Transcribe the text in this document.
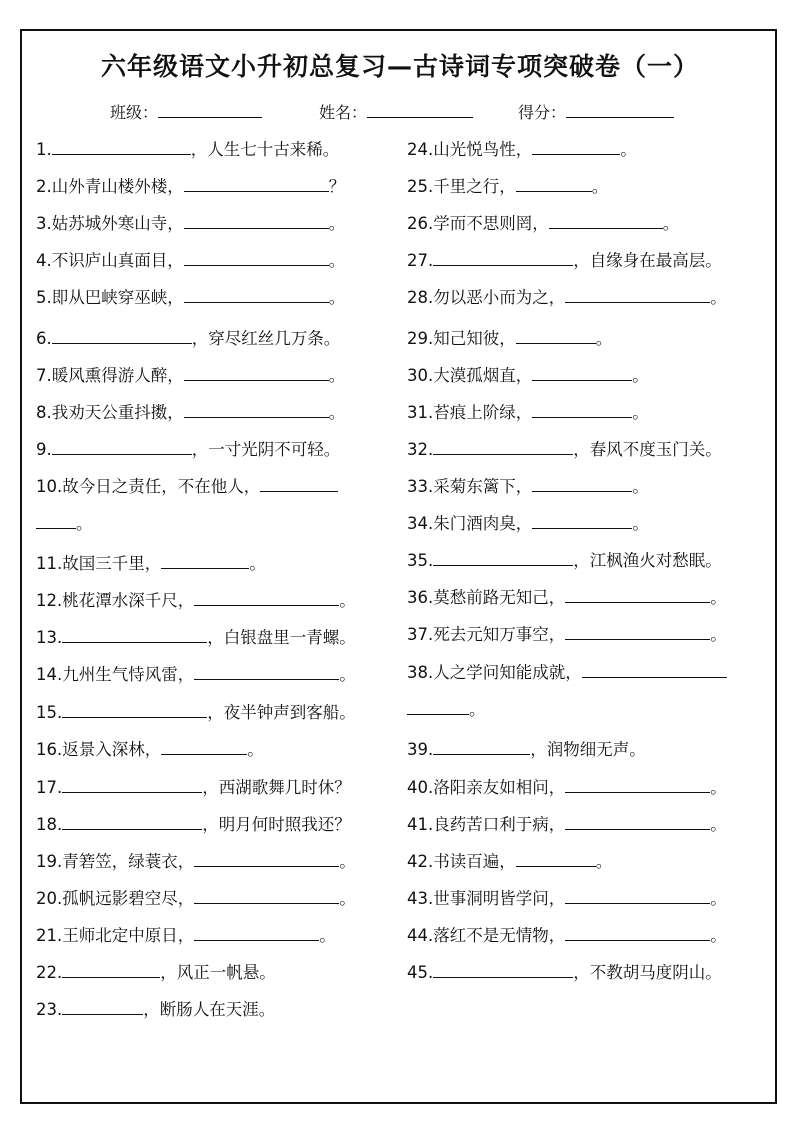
六年级语文小升初总复习—古诗词专项突破卷（一）
班级：	姓名：	得分：
1.	，人生七十古来稀。
2.山外青山楼外楼，	？
3.姑苏城外寒山寺，	。
4.不识庐山真面目，	。
5.即从巴峡穿巫峡，	。
6.	，穿尽红丝几万条。
7.暖风熏得游人醉，	。
8.我劝天公重抖擞，	。
9.	，一寸光阴不可轻。
10.故今日之责任，不在他人，
。
11.故国三千里，	。
12.桃花潭水深千尺，	。
13.	，白银盘里一青螺。
14.九州生气恃风雷，	。
15.	，夜半钟声到客船。
16.返景入深林，	。
17.	，西湖歌舞几时休？
18.	，明月何时照我还？
19.青箬笠，绿蓑衣，	。
20.孤帆远影碧空尽，	。
21.王师北定中原日，	。
22.	，风正一帆悬。
23.	，断肠人在天涯。
24.山光悦鸟性，	。
25.千里之行，	。
26.学而不思则罔，	。
27.	，自缘身在最高层。
28.勿以恶小而为之，	。
29.知己知彼，	。
30.大漠孤烟直，	。
31.苔痕上阶绿，	。
32.	，春风不度玉门关。
33.采菊东篱下，	。
34.朱门酒肉臭，	。
35.	，江枫渔火对愁眠。
36.莫愁前路无知己，	。
37.死去元知万事空，	。
38.人之学问知能成就，
。
39.	，润物细无声。
40.洛阳亲友如相问，	。
41.良药苦口利于病，	。
42.书读百遍，	。
43.世事洞明皆学问，	。
44.落红不是无情物，	。
45.	，不教胡马度阴山。
